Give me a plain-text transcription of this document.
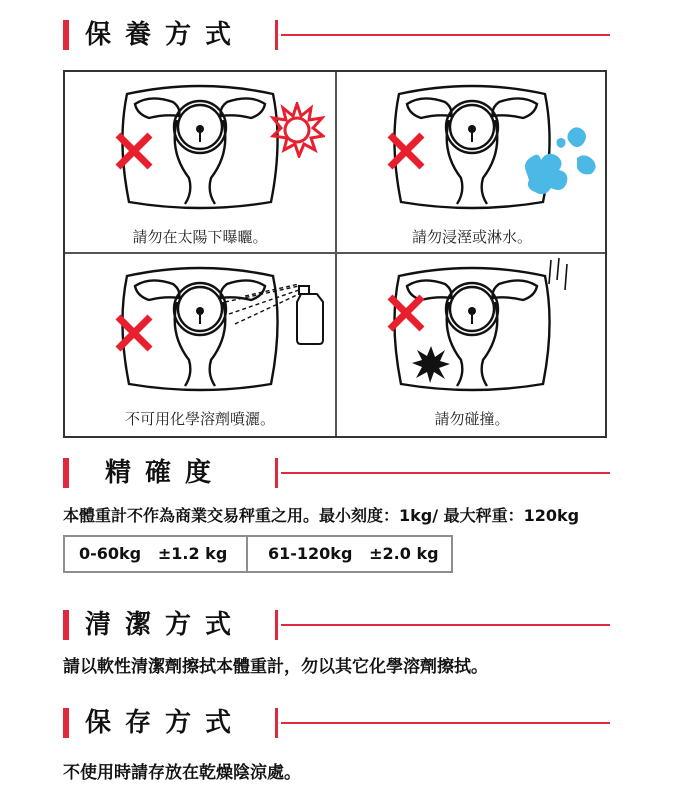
保養方式
請勿在太陽下曝曬。	請勿浸溼或淋水。
不可用化學溶劑噴灑。	請勿碰撞。
精確度
本體重計不作為商業交易秤重之用。最小刻度：1kg/ 最大秤重：120kg
0-60kg ±1.2 kg	61-120kg ±2.0 kg
清潔方式
請以軟性清潔劑擦拭本體重計，勿以其它化學溶劑擦拭。
保存方式
不使用時請存放在乾燥陰涼處。
